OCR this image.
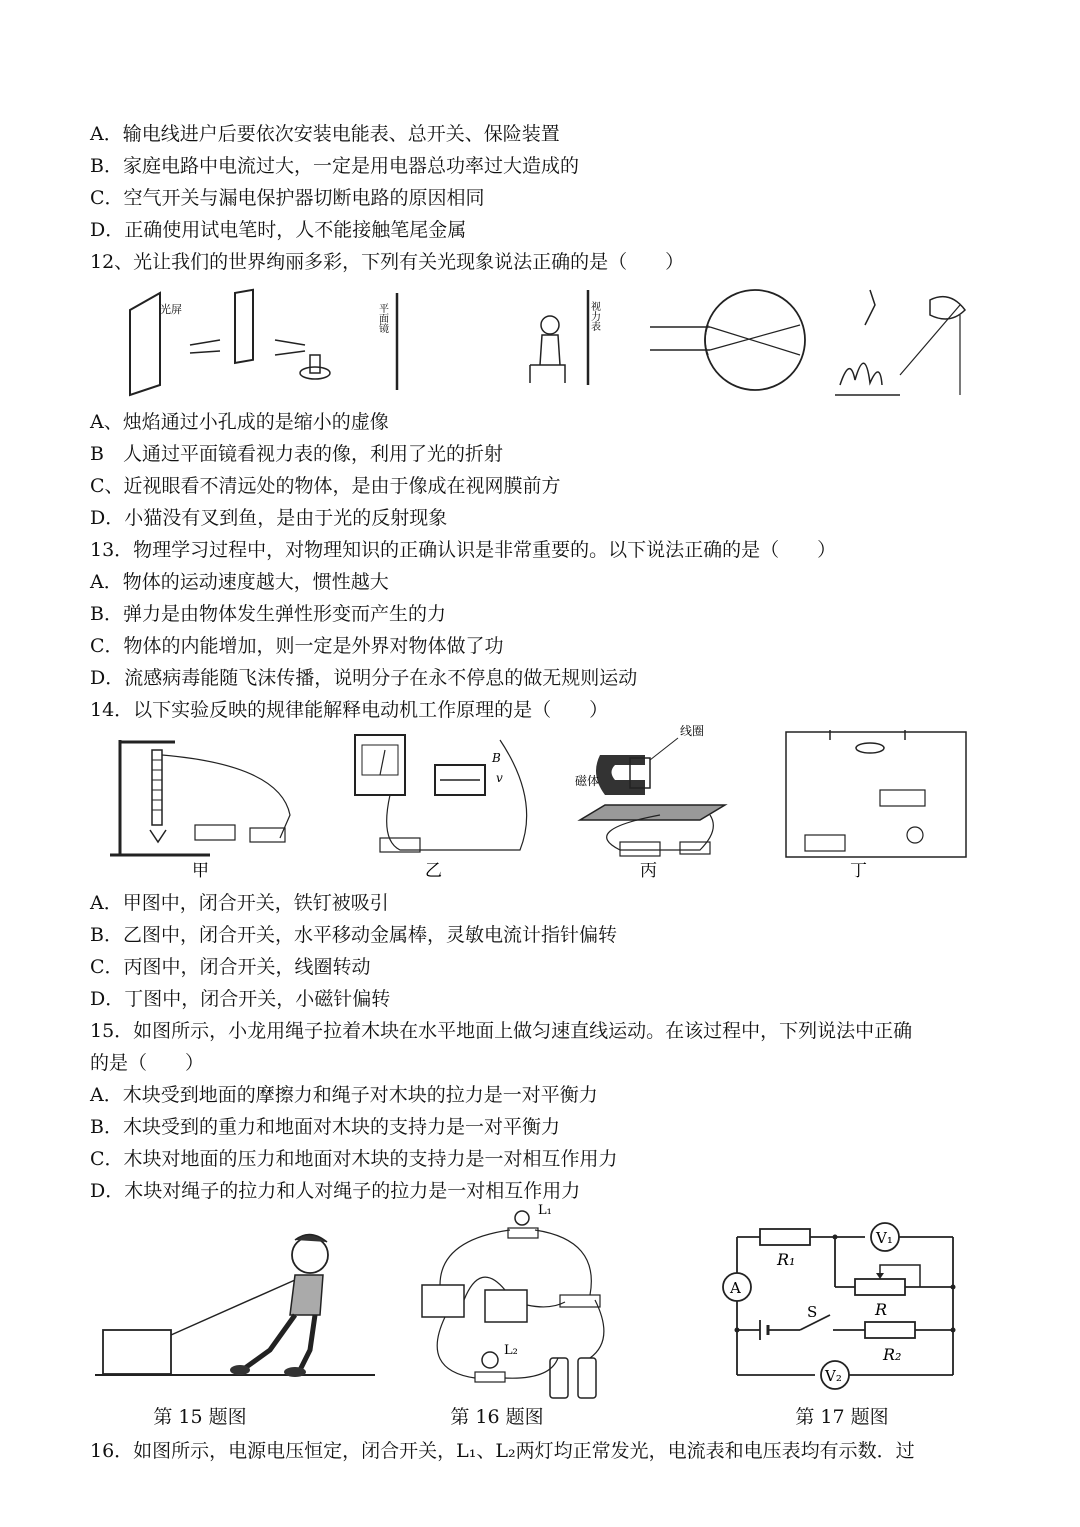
A．输电线进户后要依次安装电能表、总开关、保险装置
B．家庭电路中电流过大，一定是用电器总功率过大造成的
C．空气开关与漏电保护器切断电路的原因相同
D．正确使用试电笔时，人不能接触笔尾金属
12、光让我们的世界绚丽多彩，下列有关光现象说法正确的是（　　）
光屏	平面镜	视力表
A、烛焰通过小孔成的是缩小的虚像
B　人通过平面镜看视力表的像，利用了光的折射
C、近视眼看不清远处的物体，是由于像成在视网膜前方
D．小猫没有叉到鱼，是由于光的反射现象
13．物理学习过程中，对物理知识的正确认识是非常重要的。以下说法正确的是（　　）
A．物体的运动速度越大，惯性越大
B．弹力是由物体发生弹性形变而产生的力
C．物体的内能增加，则一定是外界对物体做了功
D．流感病毒能随飞沫传播，说明分子在永不停息的做无规则运动
14．以下实验反映的规律能解释电动机工作原理的是（　　）
甲
B
v
乙
线圈
磁体
丙	丁
A．甲图中，闭合开关，铁钉被吸引
B．乙图中，闭合开关，水平移动金属棒，灵敏电流计指针偏转
C．丙图中，闭合开关，线圈转动
D．丁图中，闭合开关，小磁针偏转
15．如图所示，小龙用绳子拉着木块在水平地面上做匀速直线运动。在该过程中，下列说法中正确
的是（　　）
A．木块受到地面的摩擦力和绳子对木块的拉力是一对平衡力
B．木块受到的重力和地面对木块的支持力是一对平衡力
C．木块对地面的压力和地面对木块的支持力是一对相互作用力
D．木块对绳子的拉力和人对绳子的拉力是一对相互作用力
第 15 题图
L₁
L₂
第 16 题图
V₁
R₁
R
A
S
R₂
V₂
第 17 题图
16．如图所示，电源电压恒定，闭合开关，L₁、L₂两灯均正常发光，电流表和电压表均有示数．过
